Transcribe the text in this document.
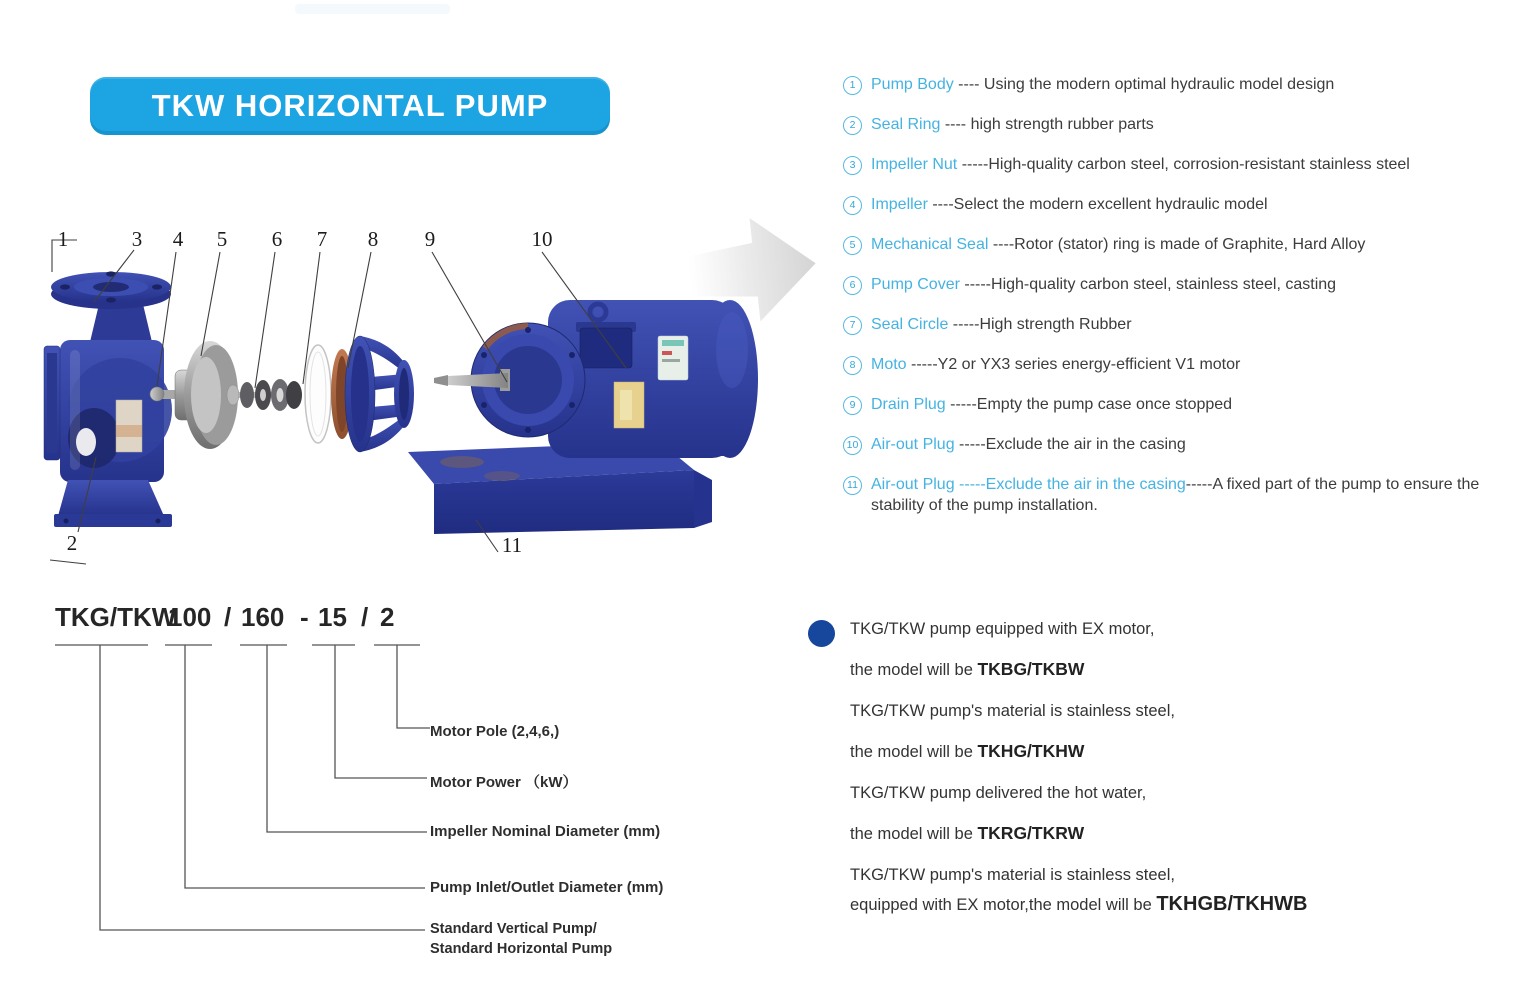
TKW HORIZONTAL PUMP
1	3 4 5 6 7 8 9	10
2	11
1 Pump Body ---- Using the modern optimal hydraulic model design
2 Seal Ring ---- high strength rubber parts
3 Impeller Nut -----High-quality carbon steel, corrosion-resistant stainless steel
4 Impeller ----Select the modern excellent hydraulic model
5 Mechanical Seal ----Rotor (stator) ring is made of Graphite, Hard Alloy
6 Pump Cover -----High-quality carbon steel, stainless steel, casting
7 Seal Circle -----High strength Rubber
8 Moto -----Y2 or YX3 series energy-efficient V1 motor
9 Drain Plug -----Empty the pump case once stopped
10 Air-out Plug -----Exclude the air in the casing
11 Air-out Plug -----Exclude the air in the casing-----A fixed part of the pump to ensure the stability of the pump installation.
TKG/TKW
100 / 160 - 15 / 2
Motor Pole (2,4,6,)
Motor Power （kW）
Impeller Nominal Diameter (mm)
Pump Inlet/Outlet Diameter (mm)
Standard Vertical Pump/
Standard Horizontal Pump
TKG/TKW pump equipped with EX motor,
the model will be TKBG/TKBW
TKG/TKW pump's material is stainless steel,
the model will be TKHG/TKHW
TKG/TKW pump delivered the hot water,
the model will be TKRG/TKRW
TKG/TKW pump's material is stainless steel,
equipped with EX motor,the model will be TKHGB/TKHWB
